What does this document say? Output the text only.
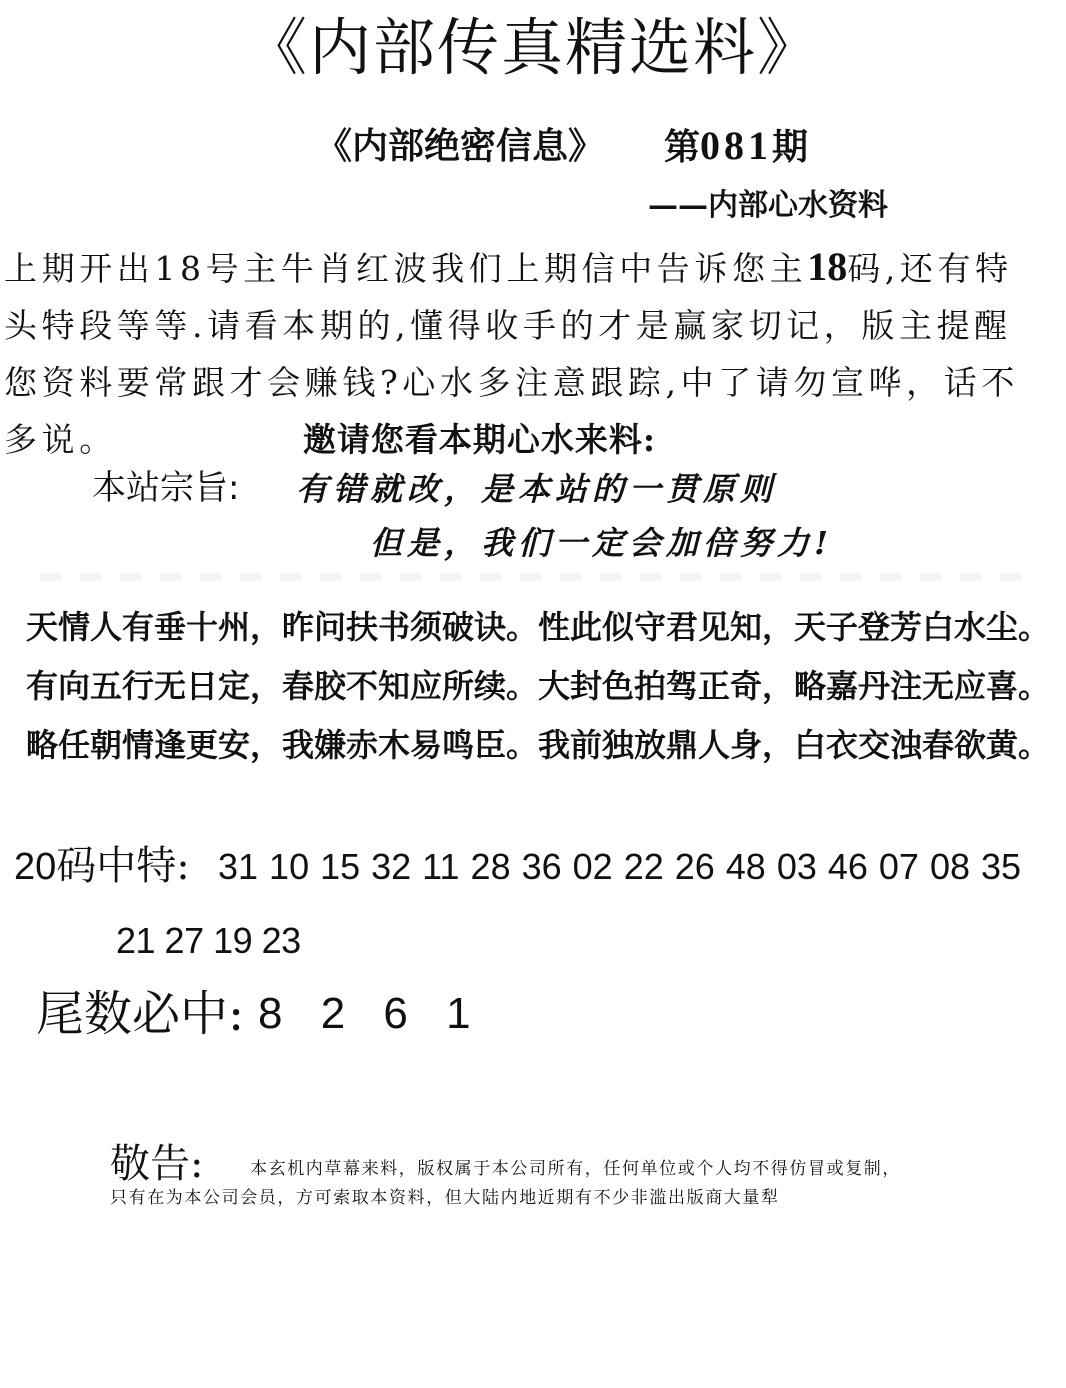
《内部传真精选料》
《内部绝密信息》 第081期
——内部心水资料
上期开出18号主牛肖红波我们上期信中告诉您主18码,还有特
头特段等等.请看本期的,懂得收手的才是赢家切记，版主提醒
您资料要常跟才会赚钱?心水多注意跟踪,中了请勿宣哗，话不
多说。	邀请您看本期心水来料:
本站宗旨: 有错就改，是本站的一贯原则
但是，我们一定会加倍努力!
天情人有垂十州，昨问扶书须破诀。性此似守君见知，天子登芳白水尘。
有向五行无日定，春胶不知应所续。大封色拍驾正奇，略嘉丹注无应喜。
略任朝情逢更安，我嫌赤木易鸣臣。我前独放鼎人身，白衣交浊春欲黄。
20码中特: 31 10 15 32 11 28 36 02 22 26 48 03 46 07 08 35
21 27 19 23
尾数必中: 8 2 6 1
敬告:	本玄机内草幕来料，版权属于本公司所有，任何单位或个人均不得仿冒或复制，
只有在为本公司会员，方可索取本资料，但大陆内地近期有不少非滥出版商大量犁
